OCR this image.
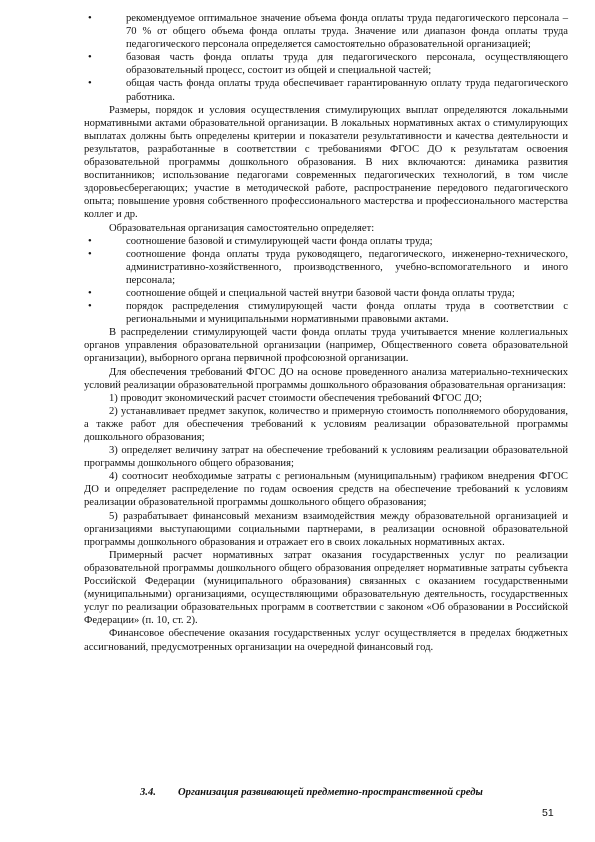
•	рекомендуемое оптимальное значение объема фонда оплаты труда педагогического персонала – 70 % от общего объема фонда оплаты труда. Значение или диапазон фонда оплаты труда педагогического персонала определяется самостоятельно образовательной организацией;
•	базовая часть фонда оплаты труда для педагогического персонала, осуществляющего образовательный процесс, состоит из общей и специальной частей;
•	общая часть фонда оплаты труда обеспечивает гарантированную оплату труда педагогического работника.

Размеры, порядок и условия осуществления стимулирующих выплат определяются локальными нормативными актами образовательной организации. В локальных нормативных актах о стимулирующих выплатах должны быть определены критерии и показатели результативности и качества деятельности и результатов, разработанные в соответствии с требованиями ФГОС ДО к результатам освоения образовательной программы дошкольного образования. В них включаются: динамика развития воспитанников; использование педагогами современных педагогических технологий, в том числе здоровьесберегающих; участие в методической работе, распространение передового педагогического опыта; повышение уровня собственного профессионального мастерства и профессионального мастерства коллег и др.

Образовательная организация самостоятельно определяет:

•	соотношение базовой и стимулирующей части фонда оплаты труда;
•	соотношение фонда оплаты труда руководящего, педагогического, инженерно-технического, административно-хозяйственного, производственного, учебно-вспомогательного и иного персонала;
•	соотношение общей и специальной частей внутри базовой части фонда оплаты труда;
•	порядок распределения стимулирующей части фонда оплаты труда в соответствии с региональными и муниципальными нормативными правовыми актами.

В распределении стимулирующей части фонда оплаты труда учитывается мнение коллегиальных органов управления образовательной организации (например, Общественного совета образовательной организации), выборного органа первичной профсоюзной организации.

Для обеспечения требований ФГОС ДО на основе проведенного анализа материально-технических условий реализации образовательной программы дошкольного образования образовательная организация:

1) проводит экономический расчет стоимости обеспечения требований ФГОС ДО;

2) устанавливает предмет закупок, количество и примерную стоимость пополняемого оборудования, а также работ для обеспечения требований к условиям реализации образовательной программы дошкольного образования;

3) определяет величину затрат на обеспечение требований к условиям реализации образовательной программы дошкольного общего образования;

4) соотносит необходимые затраты с региональным (муниципальным) графиком внедрения ФГОС ДО и определяет распределение по годам освоения средств на обеспечение требований к условиям реализации образовательной программы дошкольного общего образования;

5) разрабатывает финансовый механизм взаимодействия между образовательной организацией и организациями выступающими социальными партнерами, в реализации основной образовательной программы дошкольного образования и отражает его в своих локальных нормативных актах.

Примерный расчет нормативных затрат оказания государственных услуг по реализации образовательной программы дошкольного общего образования определяет нормативные затраты субъекта Российской Федерации (муниципального образования) связанных с оказанием государственными (муниципальными) организациями, осуществляющими образовательную деятельность, государственных услуг по реализации образовательных программ в соответствии с законом «Об образовании в Российской Федерации» (п. 10, ст. 2).

Финансовое обеспечение оказания государственных услуг осуществляется в пределах бюджетных ассигнований, предусмотренных организации на очередной финансовый год.

3.4. Организация развивающей предметно-пространственной среды
51
